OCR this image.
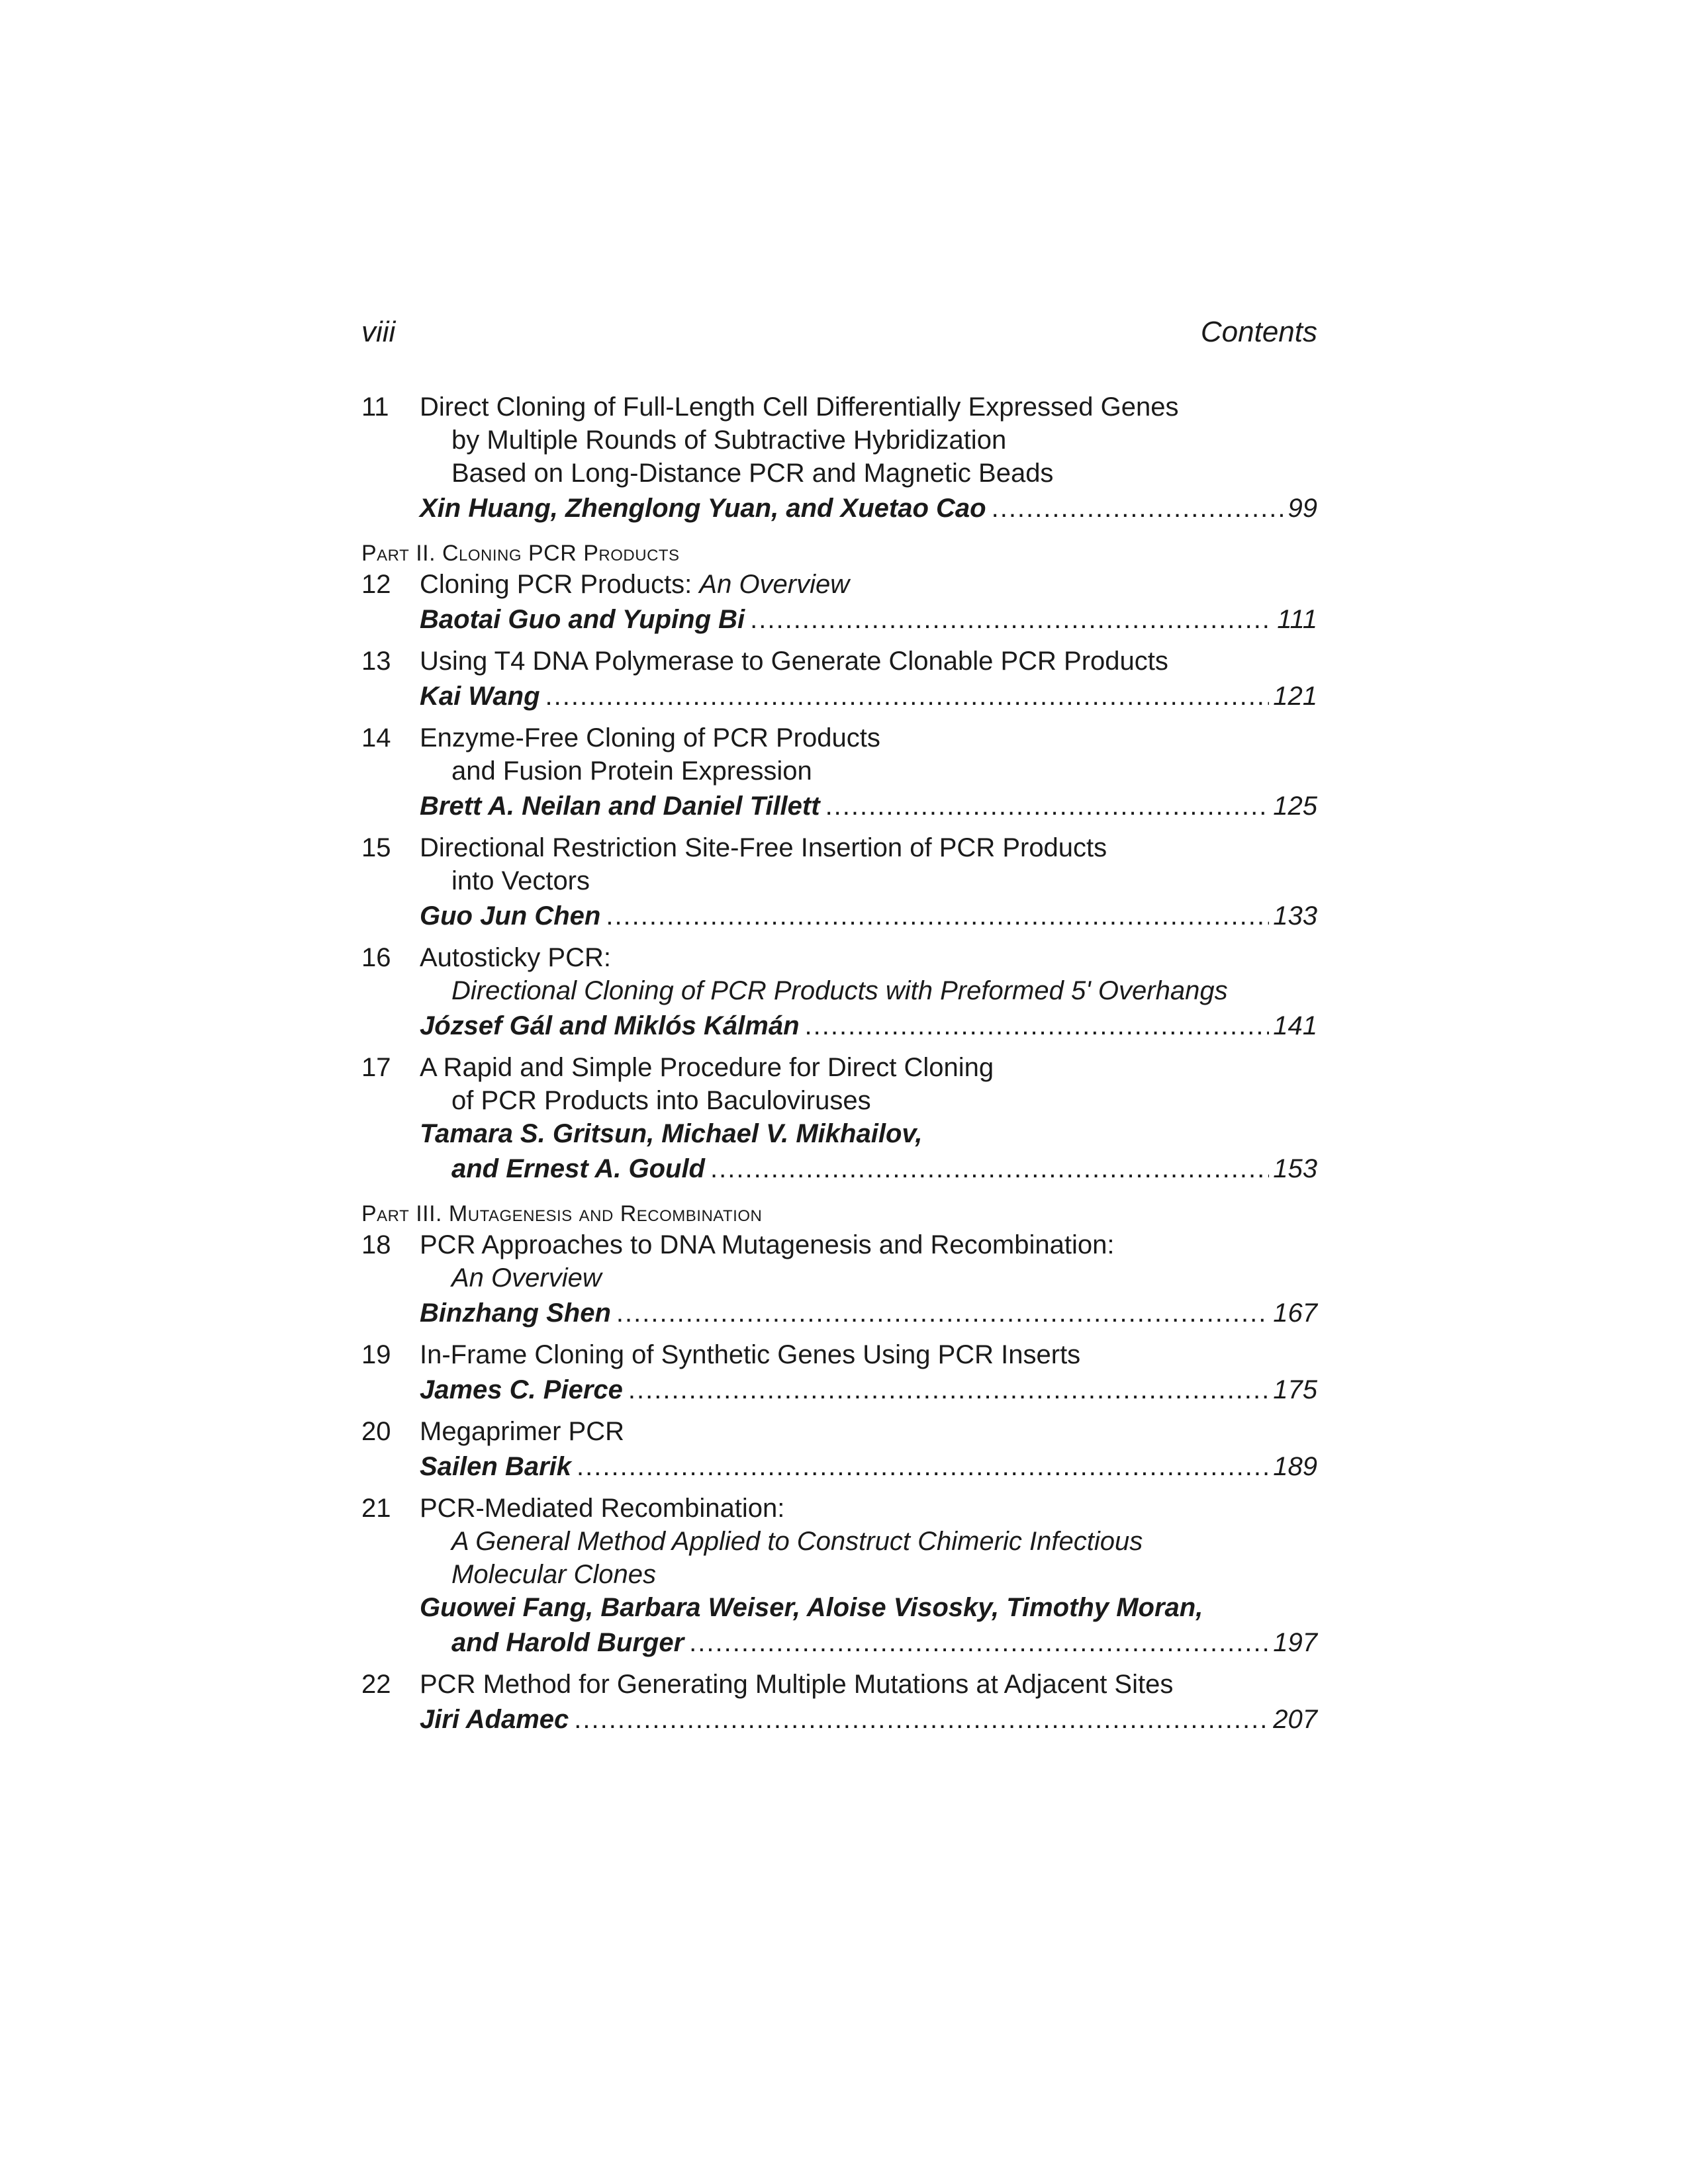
viii	Contents
11 Direct Cloning of Full-Length Cell Differentially Expressed Genes
by Multiple Rounds of Subtractive Hybridization
Based on Long-Distance PCR and Magnetic Beads
Xin Huang, Zhenglong Yuan, and Xuetao Cao .....	99
Part II. Cloning PCR Products
12 Cloning PCR Products: An Overview
Baotai Guo and Yuping Bi .....	111
13 Using T4 DNA Polymerase to Generate Clonable PCR Products
Kai Wang .....	121
14 Enzyme-Free Cloning of PCR Products
and Fusion Protein Expression
Brett A. Neilan and Daniel Tillett .....	125
15 Directional Restriction Site-Free Insertion of PCR Products
into Vectors
Guo Jun Chen .....	133
16 Autosticky PCR:
Directional Cloning of PCR Products with Preformed 5' Overhangs
József Gál and Miklós Kálmán .....	141
17 A Rapid and Simple Procedure for Direct Cloning
of PCR Products into Baculoviruses
Tamara S. Gritsun, Michael V. Mikhailov,
and Ernest A. Gould .....	153
Part III. Mutagenesis and Recombination
18 PCR Approaches to DNA Mutagenesis and Recombination:
An Overview
Binzhang Shen .....	167
19 In-Frame Cloning of Synthetic Genes Using PCR Inserts
James C. Pierce .....	175
20 Megaprimer PCR
Sailen Barik .....	189
21 PCR-Mediated Recombination:
A General Method Applied to Construct Chimeric Infectious
Molecular Clones
Guowei Fang, Barbara Weiser, Aloise Visosky, Timothy Moran,
and Harold Burger .....	197
22 PCR Method for Generating Multiple Mutations at Adjacent Sites
Jiri Adamec .....	207
